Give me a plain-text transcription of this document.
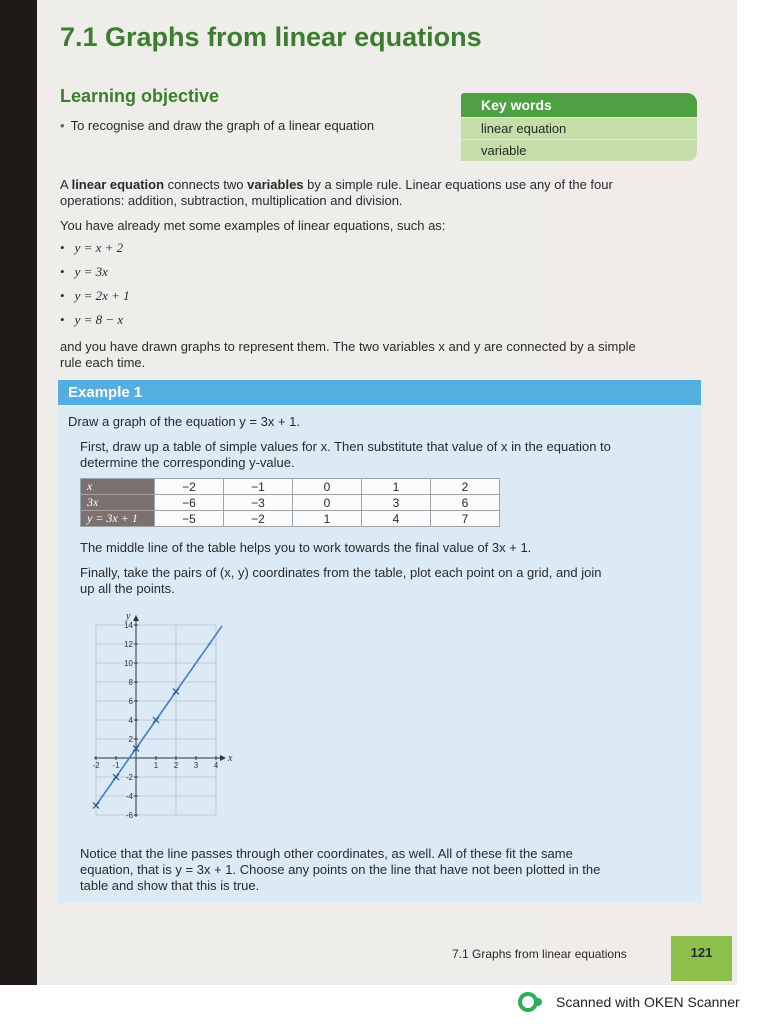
7.1 Graphs from linear equations
Learning objective
• To recognise and draw the graph of a linear equation
Key words
linear equation
variable
A linear equation connects two variables by a simple rule. Linear equations use any of the four
operations: addition, subtraction, multiplication and division.
You have already met some examples of linear equations, such as:
• y = x + 2
• y = 3x
• y = 2x + 1
• y = 8 − x
and you have drawn graphs to represent them. The two variables x and y are connected by a simple
rule each time.
Example 1
Draw a graph of the equation y = 3x + 1.
First, draw up a table of simple values for x. Then substitute that value of x in the equation to
determine the corresponding y-value.
x	−2	−1	0	1	2
3x	−6	−3	0	3	6
y = 3x + 1	−5	−2	1	4	7
The middle line of the table helps you to work towards the final value of 3x + 1.
Finally, take the pairs of (x, y) coordinates from the table, plot each point on a grid, and join
up all the points.
-2 -1	1 2 3 4
-6
-4
-2
2
4
6
8
10
12
14
x
y
Notice that the line passes through other coordinates, as well. All of these fit the same
equation, that is y = 3x + 1. Choose any points on the line that have not been plotted in the
table and show that this is true.
7.1 Graphs from linear equations	121
Scanned with OKEN Scanner
